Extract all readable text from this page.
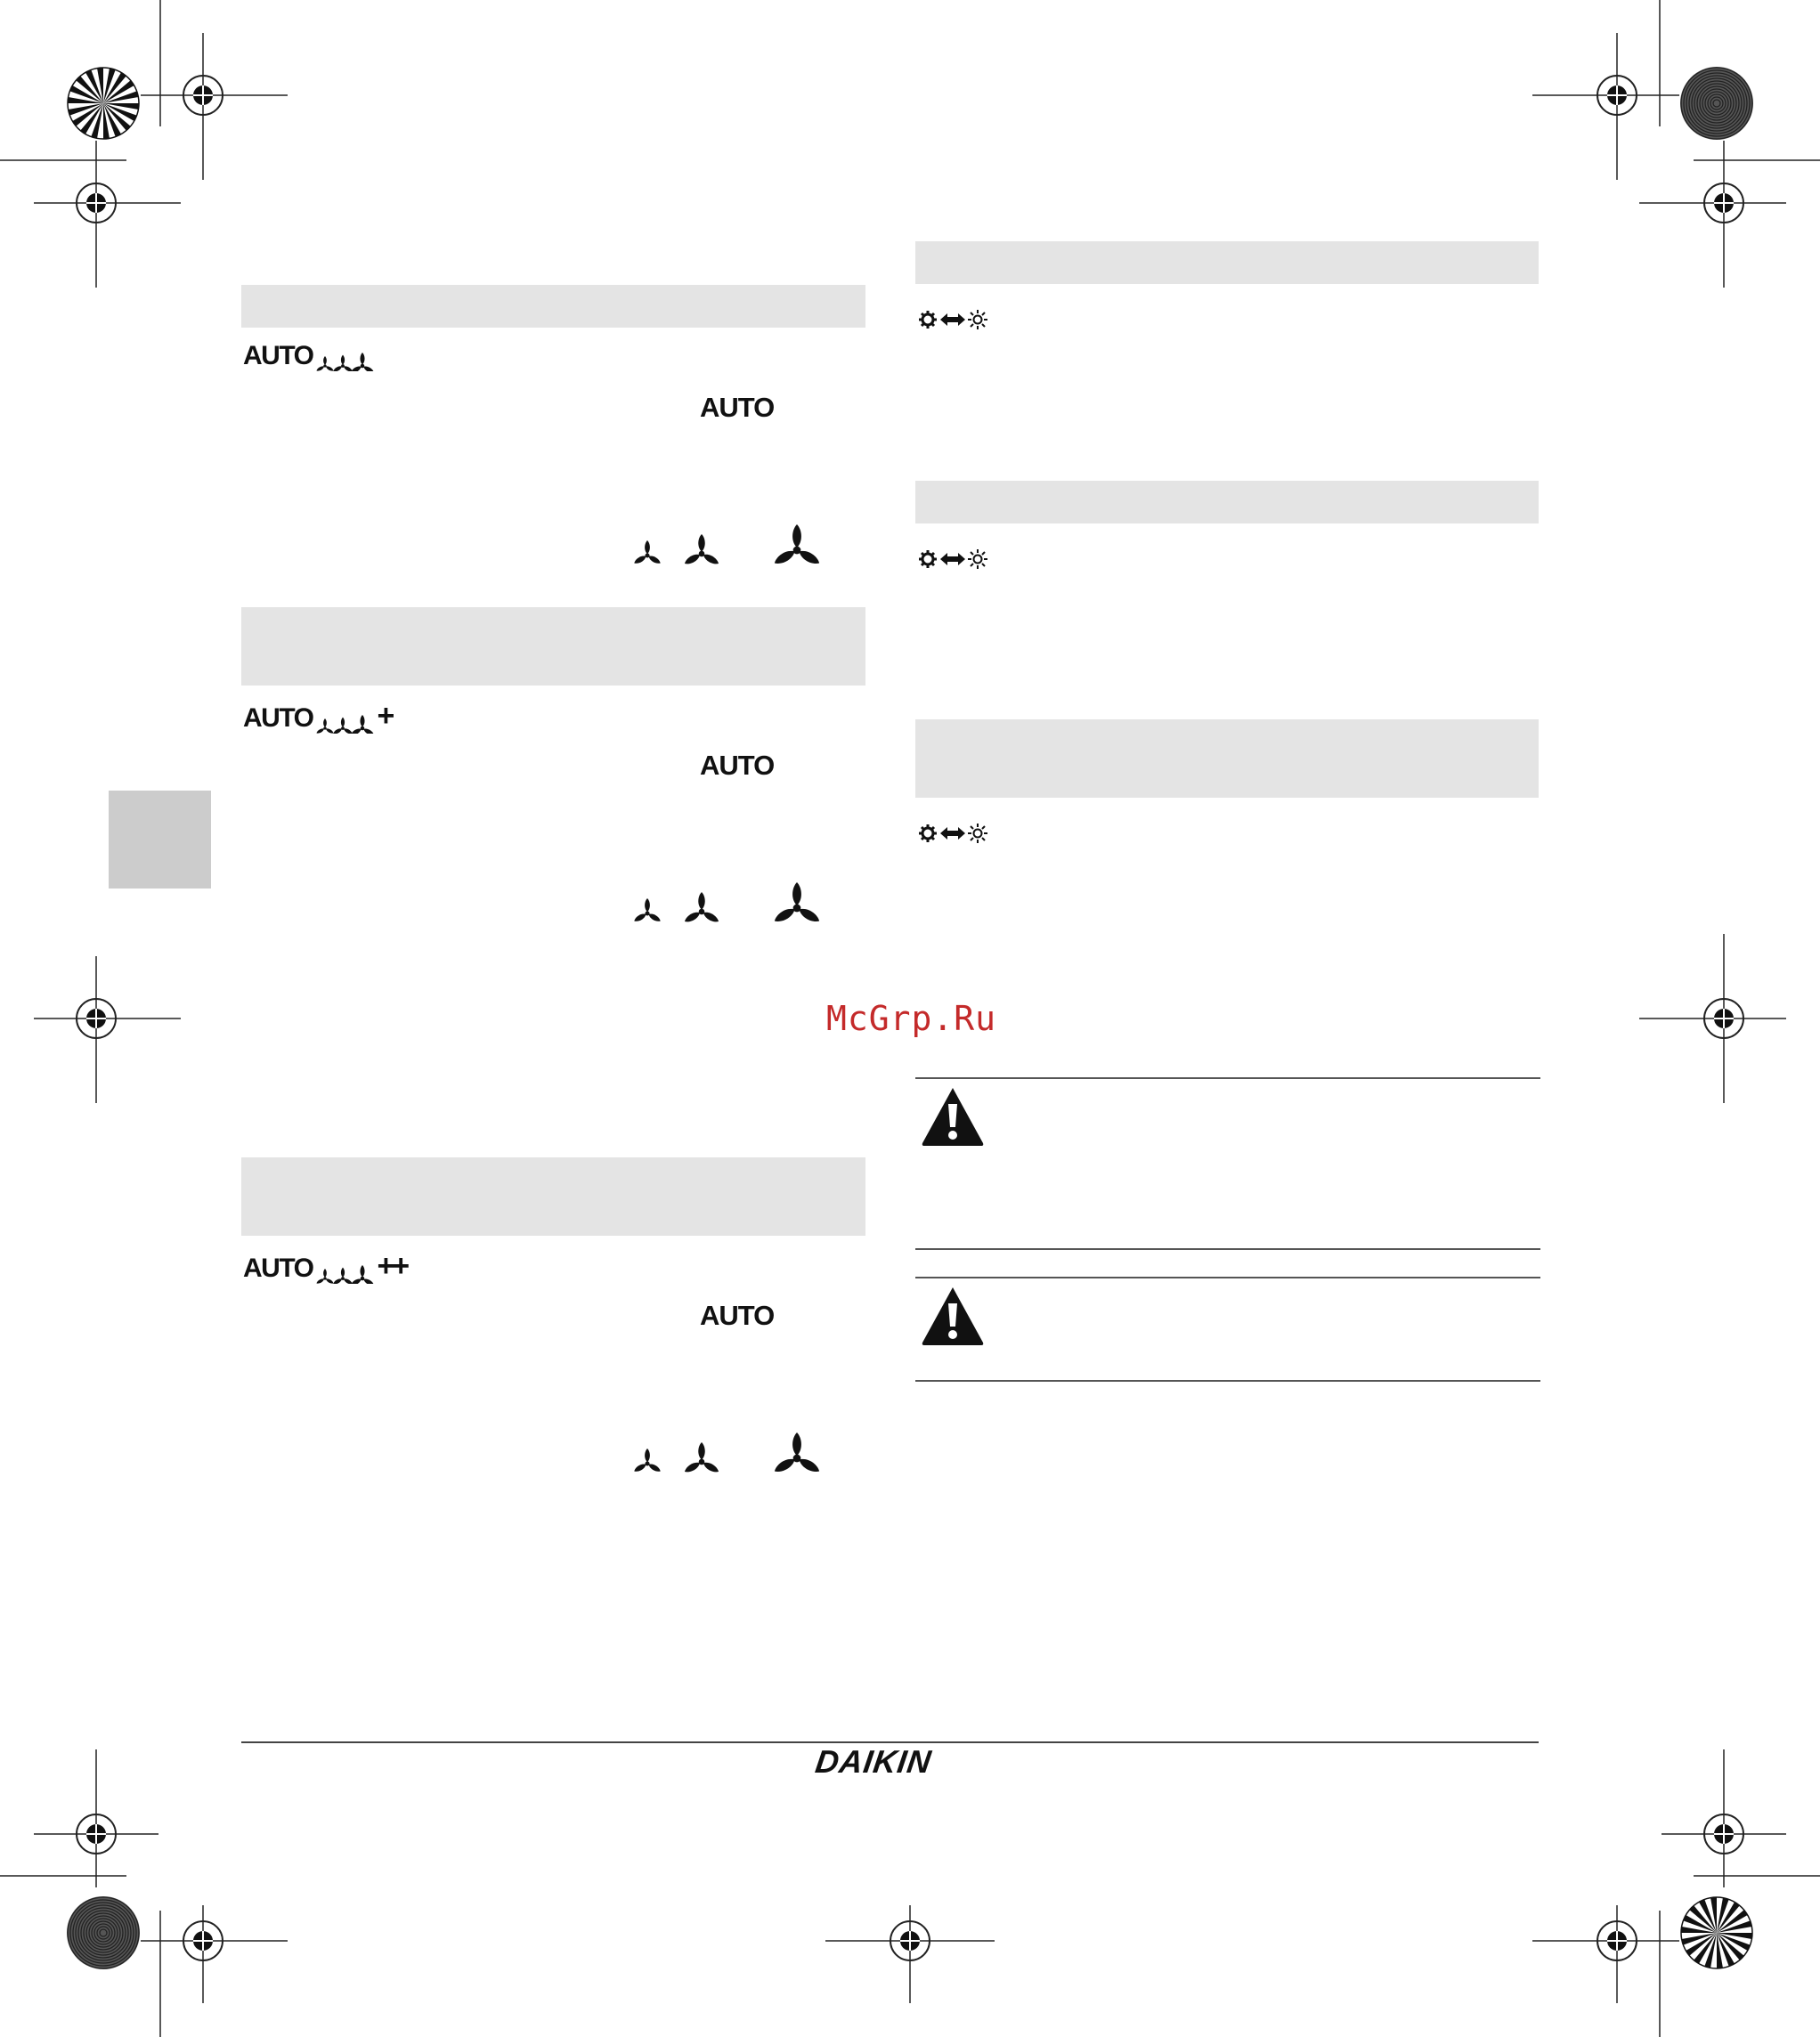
AUTO
AUTO
AUTO +
AUTO
AUTO ++
AUTO
McGrp.Ru
DAIKIN
